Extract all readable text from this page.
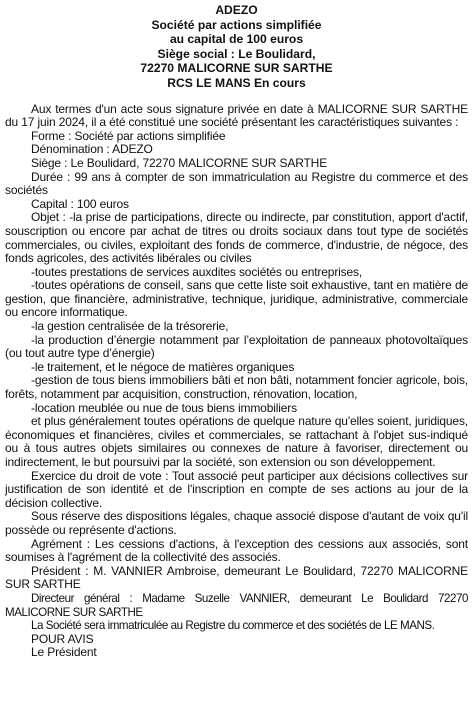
ADEZO
Société par actions simplifiée
au capital de 100 euros
Siège social : Le Boulidard,
72270 MALICORNE SUR SARTHE
RCS LE MANS En cours

Aux termes d'un acte sous signature privée en date à MALICORNE SUR SARTHE du 17 juin 2024, il a été constitué une société présentant les caractéristiques suivantes :

Forme : Société par actions simplifiée

Dénomination : ADEZO

Siège : Le Boulidard, 72270 MALICORNE SUR SARTHE

Durée : 99 ans à compter de son immatriculation au Registre du commerce et des sociétés

Capital : 100 euros

Objet : -la prise de participations, directe ou indirecte, par constitution, apport d'actif, souscription ou encore par achat de titres ou droits sociaux dans tout type de sociétés commerciales, ou civiles, exploitant des fonds de commerce, d'industrie, de négoce, des fonds agricoles, des activités libérales ou civiles

-toutes prestations de services auxdites sociétés ou entreprises,

-toutes opérations de conseil, sans que cette liste soit exhaustive, tant en matière de gestion, que financière, administrative, technique, juridique, administrative, commerciale ou encore informatique.

-la gestion centralisée de la trésorerie,

-la production d’énergie notamment par l’exploitation de panneaux photovoltaïques (ou tout autre type d’énergie)

-le traitement, et le négoce de matières organiques

-gestion de tous biens immobiliers bâti et non bâti, notamment foncier agricole, bois, forêts, notamment par acquisition, construction, rénovation, location,

-location meublée ou nue de tous biens immobiliers

et plus généralement toutes opérations de quelque nature qu'elles soient, juridiques, économiques et financières, civiles et commerciales, se rattachant à l'objet sus-indiqué ou à tous autres objets similaires ou connexes de nature à favoriser, directement ou indirectement, le but poursuivi par la société, son extension ou son développement.

Exercice du droit de vote : Tout associé peut participer aux décisions collectives sur justification de son identité et de l'inscription en compte de ses actions au jour de la décision collective.

Sous réserve des dispositions légales, chaque associé dispose d'autant de voix qu'il possède ou représente d'actions.

Agrément : Les cessions d'actions, à l'exception des cessions aux associés, sont soumises à l'agrément de la collectivité des associés.

Président : M. VANNIER Ambroise, demeurant Le Boulidard, 72270 MALICORNE SUR SARTHE

Directeur général : Madame Suzelle VANNIER, demeurant Le Boulidard 72270 MALICORNE SUR SARTHE

La Société sera immatriculée au Registre du commerce et des sociétés de LE MANS.

POUR AVIS

Le Président
